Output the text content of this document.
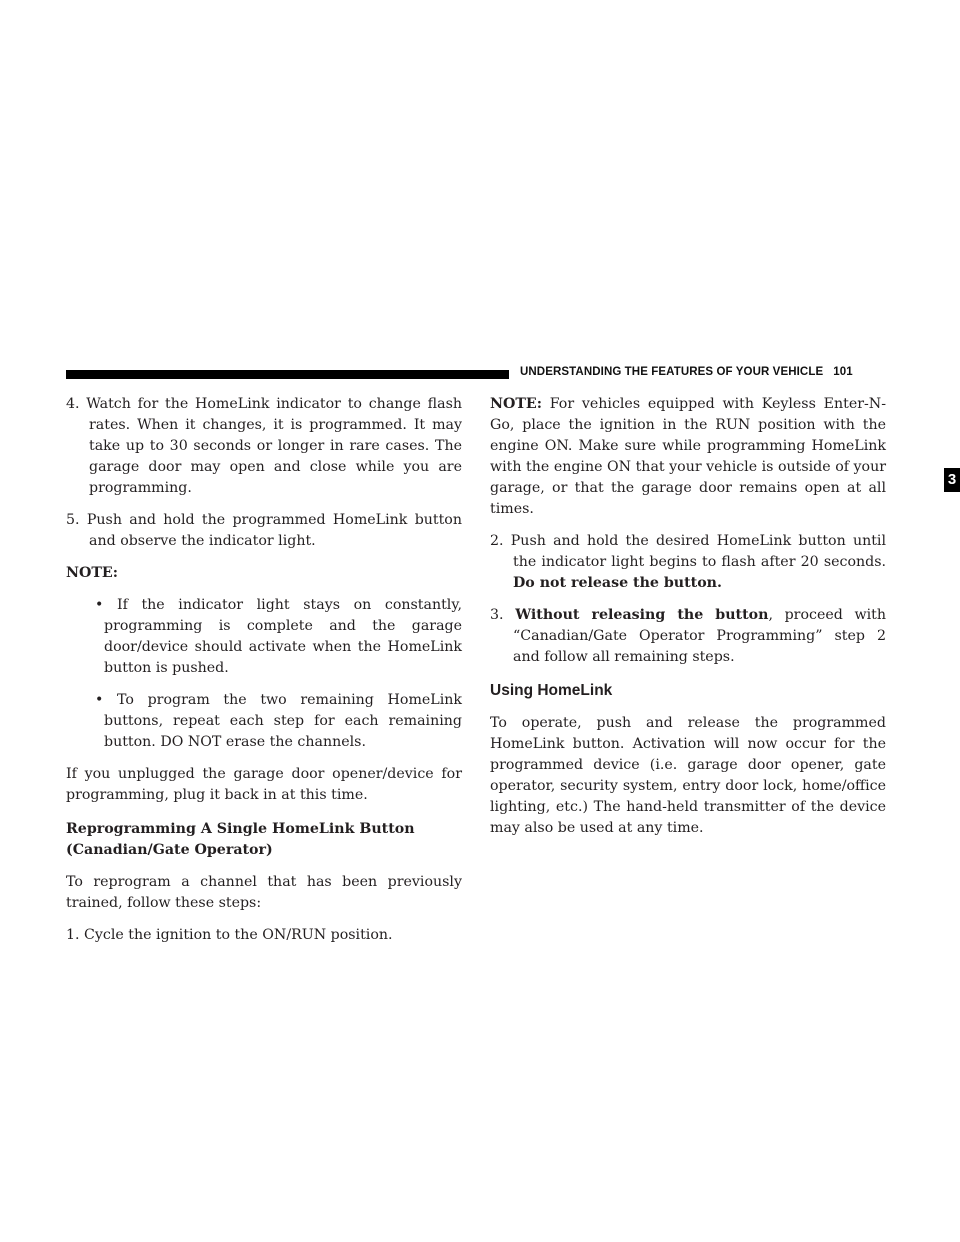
UNDERSTANDING THE FEATURES OF YOUR VEHICLE 101
3

4. Watch for the HomeLink indicator to change flash rates. When it changes, it is programmed. It may take up to 30 seconds or longer in rare cases. The garage door may open and close while you are programming.

5. Push and hold the programmed HomeLink button and observe the indicator light.

NOTE:

• If the indicator light stays on constantly, programming is complete and the garage door/device should activate when the HomeLink button is pushed.

• To program the two remaining HomeLink buttons, repeat each step for each remaining button. DO NOT erase the channels.

If you unplugged the garage door opener/device for programming, plug it back in at this time.

Reprogramming A Single HomeLink Button
(Canadian/Gate Operator)

To reprogram a channel that has been previously trained, follow these steps:

1. Cycle the ignition to the ON/RUN position.

NOTE: For vehicles equipped with Keyless Enter-N-Go, place the ignition in the RUN position with the engine ON. Make sure while programming HomeLink with the engine ON that your vehicle is outside of your garage, or that the garage door remains open at all times.

2. Push and hold the desired HomeLink button until the indicator light begins to flash after 20 seconds. Do not release the button.

3. Without releasing the button, proceed with “Canadian/Gate Operator Programming” step 2 and follow all remaining steps.

Using HomeLink

To operate, push and release the programmed HomeLink button. Activation will now occur for the programmed device (i.e. garage door opener, gate operator, security system, entry door lock, home/office lighting, etc.) The hand-held transmitter of the device may also be used at any time.
